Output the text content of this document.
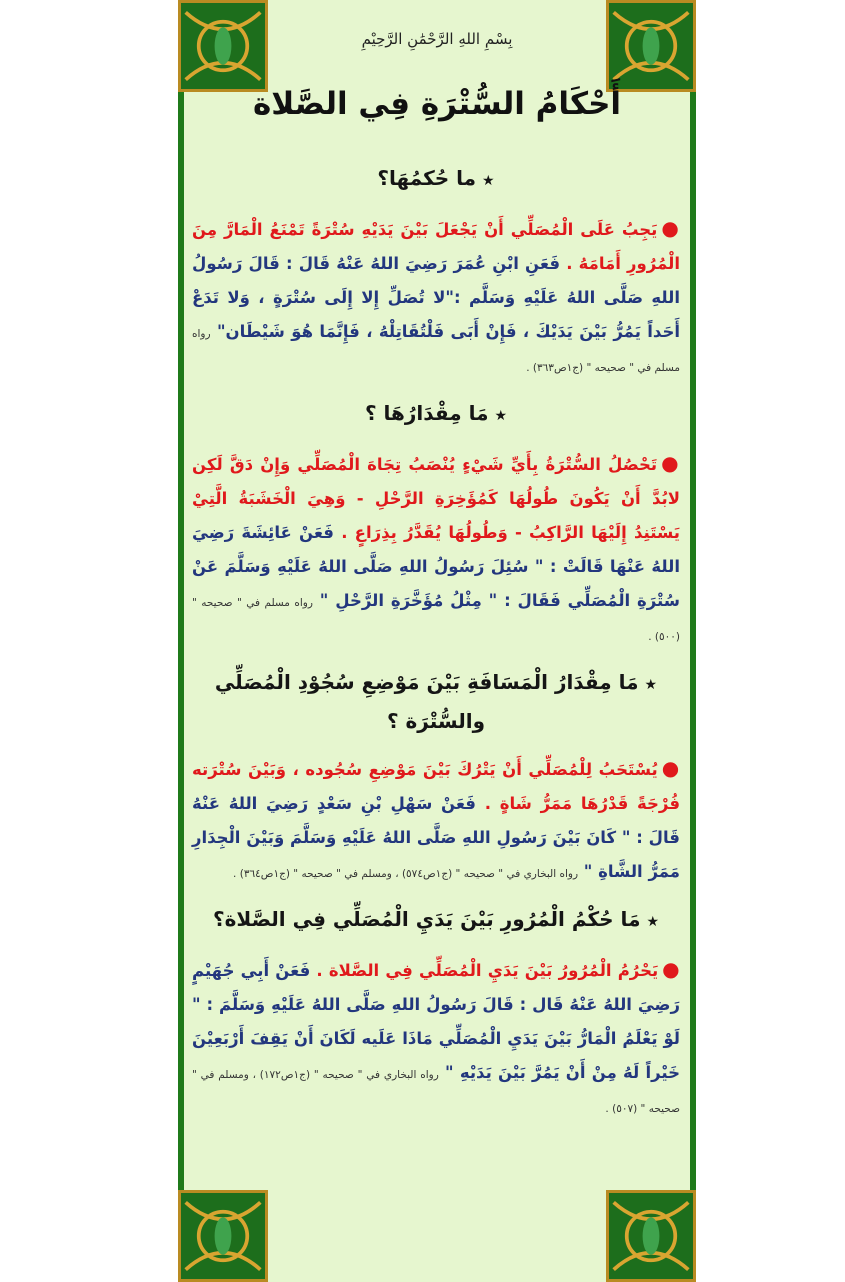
بِسْمِ اللهِ الرَّحْمَٰنِ الرَّحِيْمِ
أَحْكَامُ السُّتْرَةِ فِي الصَّلاة
★ما حُكمُهَا؟
●يَجِبُ عَلَى الْمُصَلِّي أَنْ يَجْعَلَ بَيْنَ يَدَيْهِ سُتْرَةً تَمْنَعُ الْمَارَّ مِنَ الْمُرُورِ أَمَامَهُ . فَعَنِ ابْنِ عُمَرَ رَضِيَ اللهُ عَنْهُ قَالَ : قَالَ رَسُولُ اللهِ صَلَّى اللهُ عَلَيْهِ وَسَلَّم :"لا تُصَلِّ إِلا إِلَى سُتْرَةٍ ، وَلا تَدَعْ أَحَداً يَمُرُّ بَيْنَ يَدَيْكَ ، فَإِنْ أَبَى فَلْتُقَاتِلْهُ ، فَإِنَّمَا هُوَ شَيْطَان" رواه مسلم في " صحيحه " (ج١ص٣٦٣) .
★مَا مِقْدَارُهَا ؟
●تَحْصُلُ السُّتْرَةُ بِأَيِّ شَيْءٍ يُنْصَبُ تِجَاهَ الْمُصَلِّي وَإِنْ دَقَّ لَكِن لابُدَّ أَنْ يَكُونَ طُولُهَا كَمُؤَخِرَةِ الرَّحْلِ - وَهِيَ الْخَشَبَةُ الَّتِيْ يَسْتَنِدُ إِلَيْهَا الرَّاكِبُ - وَطُولُهَا يُقَدَّرُ بِذِرَاعٍ . فَعَنْ عَائِشَةَ رَضِيَ اللهُ عَنْهَا قَالَتْ : " سُئِلَ رَسُولُ اللهِ صَلَّى اللهُ عَلَيْهِ وَسَلَّمَ عَنْ سُتْرَةِ الْمُصَلِّي فَقَالَ : " مِثْلُ مُؤَخَّرَةِ الرَّحْلِ " رواه مسلم في " صحيحه " (٥٠٠) .
★مَا مِقْدَارُ الْمَسَافَةِ بَيْنَ مَوْضِعِ سُجُوْدِ الْمُصَلِّي والسُّتْرَة ؟
●يُسْتَحَبُ لِلْمُصَلِّي أَنْ يَتْرُكَ بَيْنَ مَوْضِعِ سُجُوده ، وَبَيْنَ سُتْرَته فُرْجَةً قَدْرُهَا مَمَرُّ شَاةٍ . فَعَنْ سَهْلِ بْنِ سَعْدٍ رَضِيَ اللهُ عَنْهُ قَالَ : " كَانَ بَيْنَ رَسُولِ اللهِ صَلَّى اللهُ عَلَيْهِ وَسَلَّمَ وَبَيْنَ الْجِدَارِ مَمَرُّ الشَّاةِ " رواه البخاري في " صحيحه " (ج١ص٥٧٤) ، ومسلم في " صحيحه " (ج١ص٣٦٤) .
★مَا حُكْمُ الْمُرُورِ بَيْنَ يَدَيِ الْمُصَلِّي فِي الصَّلاة؟
●يَحْرُمُ الْمُرُورُ بَيْنَ يَدَيِ الْمُصَلِّي فِي الصَّلاة . فَعَنْ أَبِي جُهَيْمٍ رَضِيَ اللهُ عَنْهُ قَال : قَالَ رَسُولُ اللهِ صَلَّى اللهُ عَلَيْهِ وَسَلَّمَ : " لَوْ يَعْلَمُ الْمَارُّ بَيْنَ يَدَيِ الْمُصَلِّي مَاذَا عَلَيه لَكَانَ أَنْ يَقِفَ أَرْبَعِيْنَ خَيْراً لَهُ مِنْ أَنْ يَمُرَّ بَيْنَ يَدَيْهِ " رواه البخاري في " صحيحه " (ج١ص١٧٢) ، ومسلم في " صحيحه " (٥٠٧) .
